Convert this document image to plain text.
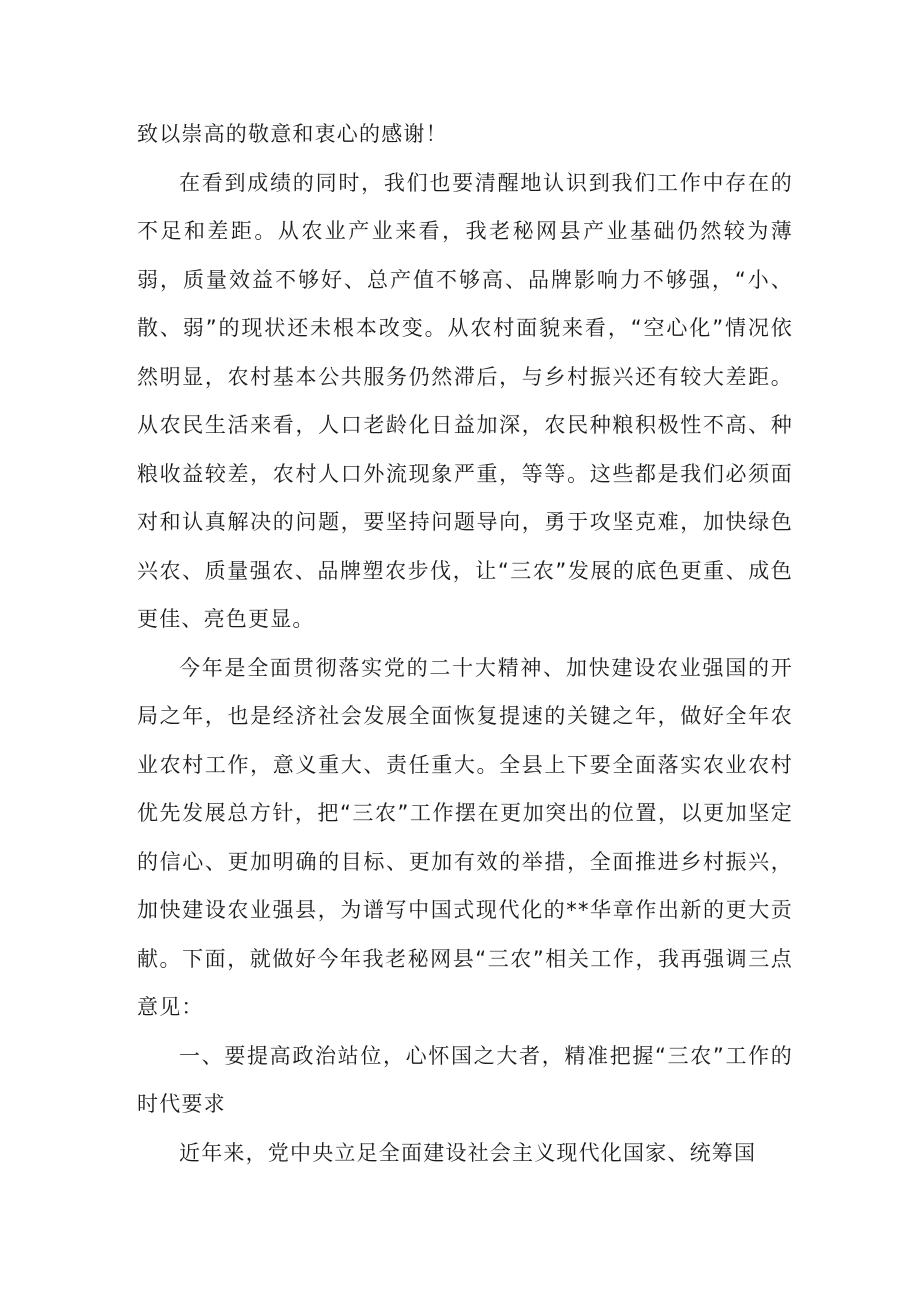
致以崇高的敬意和衷心的感谢！

在看到成绩的同时，我们也要清醒地认识到我们工作中存在的不足和差距。从农业产业来看，我老秘网县产业基础仍然较为薄弱，质量效益不够好、总产值不够高、品牌影响力不够强，“小、散、弱”的现状还未根本改变。从农村面貌来看，“空心化”情况依然明显，农村基本公共服务仍然滞后，与乡村振兴还有较大差距。从农民生活来看，人口老龄化日益加深，农民种粮积极性不高、种粮收益较差，农村人口外流现象严重，等等。这些都是我们必须面对和认真解决的问题，要坚持问题导向，勇于攻坚克难，加快绿色兴农、质量强农、品牌塑农步伐，让“三农”发展的底色更重、成色更佳、亮色更显。

今年是全面贯彻落实党的二十大精神、加快建设农业强国的开局之年，也是经济社会发展全面恢复提速的关键之年，做好全年农业农村工作，意义重大、责任重大。全县上下要全面落实农业农村优先发展总方针，把“三农”工作摆在更加突出的位置，以更加坚定的信心、更加明确的目标、更加有效的举措，全面推进乡村振兴，加快建设农业强县，为谱写中国式现代化的**华章作出新的更大贡献。下面，就做好今年我老秘网县“三农”相关工作，我再强调三点意见：

一、要提高政治站位，心怀国之大者，精准把握“三农”工作的时代要求

近年来，党中央立足全面建设社会主义现代化国家、统筹国
